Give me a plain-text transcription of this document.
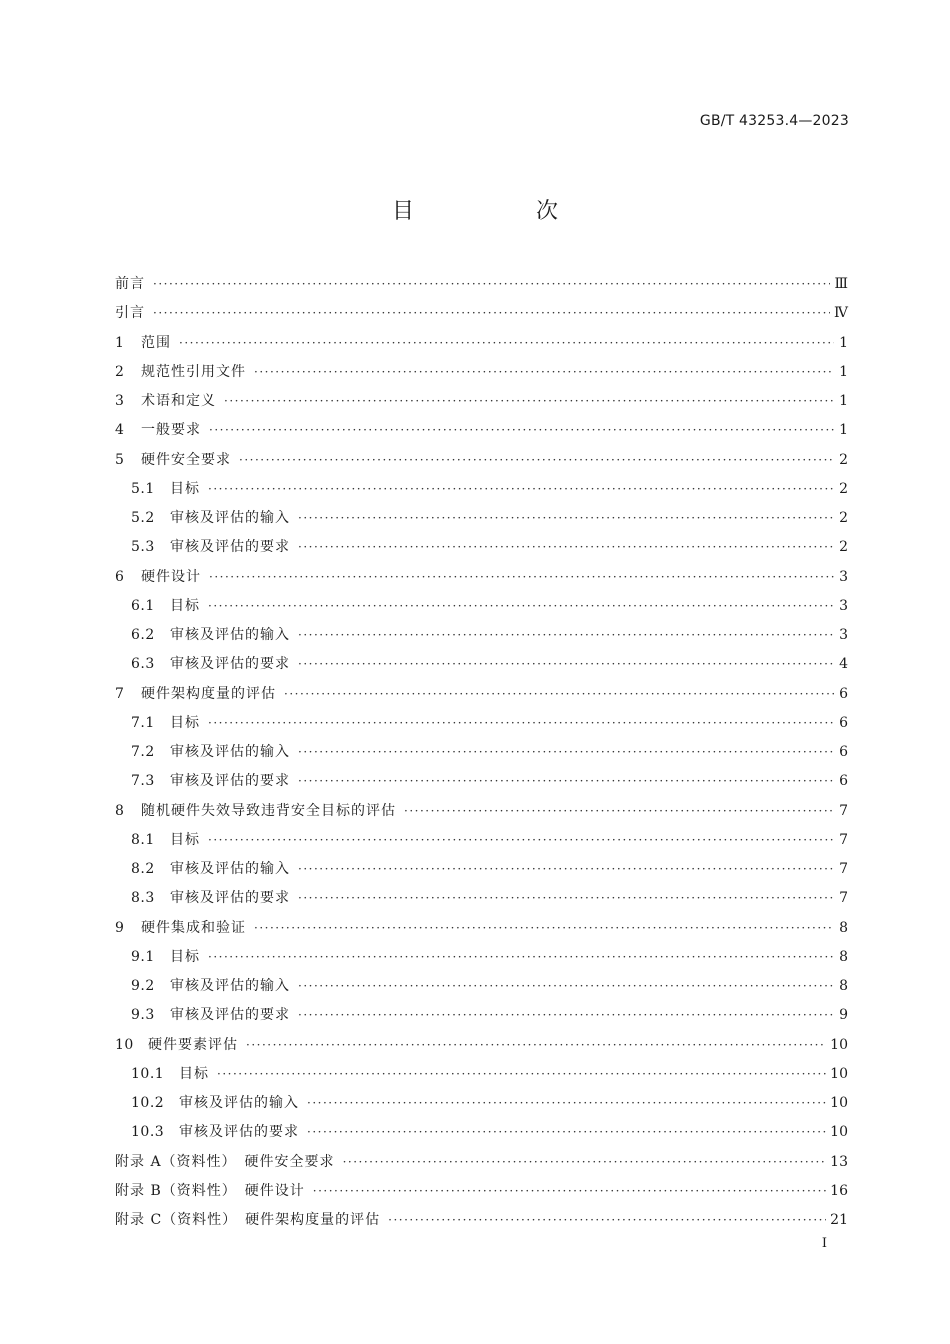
GB/T 43253.4—2023
目　次
前言 ·····	Ⅲ
引言 ·····	Ⅳ
1	范围 ·····	1
2	规范性引用文件 ·····	1
3	术语和定义 ·····	1
4	一般要求 ·····	1
5	硬件安全要求 ·····	2
5.1	目标 ·····	2
5.2	审核及评估的输入 ·····	2
5.3	审核及评估的要求 ·····	2
6	硬件设计 ·····	3
6.1	目标 ·····	3
6.2	审核及评估的输入 ·····	3
6.3	审核及评估的要求 ·····	4
7	硬件架构度量的评估 ·····	6
7.1	目标 ·····	6
7.2	审核及评估的输入 ·····	6
7.3	审核及评估的要求 ·····	6
8	随机硬件失效导致违背安全目标的评估 ·····	7
8.1	目标 ·····	7
8.2	审核及评估的输入 ·····	7
8.3	审核及评估的要求 ·····	7
9	硬件集成和验证 ·····	8
9.1	目标 ·····	8
9.2	审核及评估的输入 ·····	8
9.3	审核及评估的要求 ·····	9
10	硬件要素评估 ·····	10
10.1	目标 ·····	10
10.2	审核及评估的输入 ·····	10
10.3	审核及评估的要求 ·····	10
附录 A（资料性）　硬件安全要求 ·····	13
附录 B（资料性）　硬件设计 ·····	16
附录 C（资料性）　硬件架构度量的评估 ·····	21
I
